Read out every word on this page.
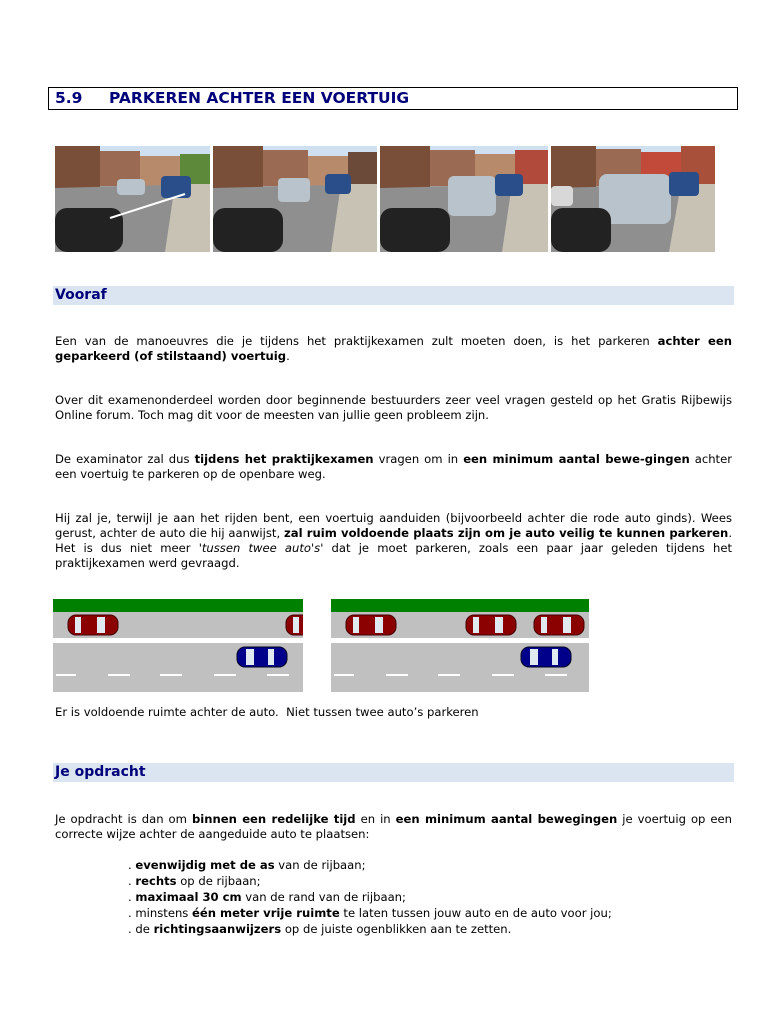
5.9 PARKEREN ACHTER EEN VOERTUIG
Vooraf
Een van de manoeuvres die je tijdens het praktijkexamen zult moeten doen, is het parkeren achter een geparkeerd (of stilstaand) voertuig.
Over dit examenonderdeel worden door beginnende bestuurders zeer veel vragen gesteld op het Gratis Rijbewijs Online forum. Toch mag dit voor de meesten van jullie geen probleem zijn.
De examinator zal dus tijdens het praktijkexamen vragen om in een minimum aantal bewe-gingen achter een voertuig te parkeren op de openbare weg.
Hij zal je, terwijl je aan het rijden bent, een voertuig aanduiden (bijvoorbeeld achter die rode auto ginds). Wees gerust, achter de auto die hij aanwijst, zal ruim voldoende plaats zijn om je auto veilig te kunnen parkeren. Het is dus niet meer 'tussen twee auto's' dat je moet parkeren, zoals een paar jaar geleden tijdens het praktijkexamen werd gevraagd.
Er is voldoende ruimte achter de auto. Niet tussen twee auto’s parkeren
Je opdracht
Je opdracht is dan om binnen een redelijke tijd en in een minimum aantal bewegingen je voertuig op een correcte wijze achter de aangeduide auto te plaatsen:
. evenwijdig met de as van de rijbaan;
. rechts op de rijbaan;
. maximaal 30 cm van de rand van de rijbaan;
. minstens één meter vrije ruimte te laten tussen jouw auto en de auto voor jou;
. de richtingsaanwijzers op de juiste ogenblikken aan te zetten.
